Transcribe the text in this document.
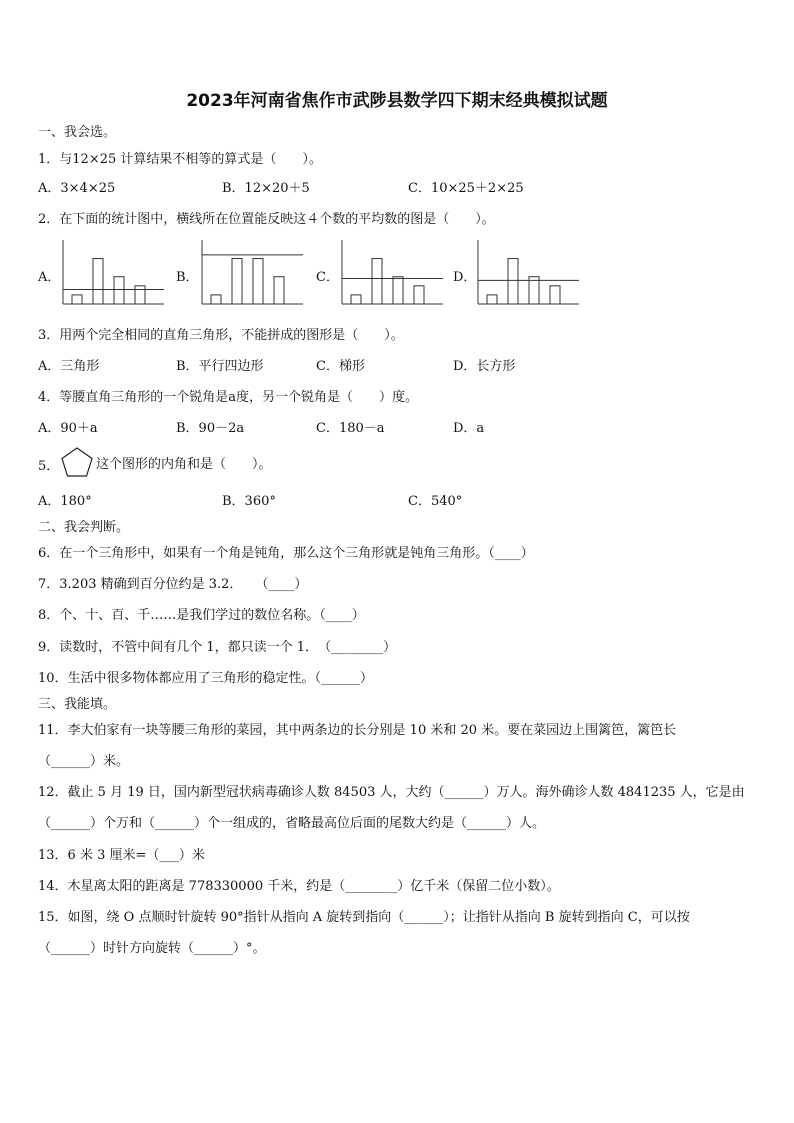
2023年河南省焦作市武陟县数学四下期末经典模拟试题
一、我会选。
1．与12×25 计算结果不相等的算式是（　　）。
A．3×4×25	B．12×20＋5	C．10×25＋2×25
2．在下面的统计图中，横线所在位置能反映这４个数的平均数的图是（　　）。
A．	B．	C．	D．
3．用两个完全相同的直角三角形，不能拼成的图形是（　　）。
A．三角形	B．平行四边形	C．梯形	D．长方形
4．等腰直角三角形的一个锐角是a度，另一个锐角是（　　）度。
A．90＋a	B．90－2a	C．180－a	D．a
5．	这个图形的内角和是（　　）。
A．180°	B．360°	C．540°
二、我会判断。
6．在一个三角形中，如果有一个角是钝角，那么这个三角形就是钝角三角形。（____）
7．3.203 精确到百分位约是 3.2．　　（____）
8．个、十、百、千……是我们学过的数位名称。（____）
9．读数时，不管中间有几个 1，都只读一个 1．　（________）
10．生活中很多物体都应用了三角形的稳定性。（______）
三、我能填。
11．李大伯家有一块等腰三角形的菜园，其中两条边的长分别是 10 米和 20 米。要在菜园边上围篱笆，篱笆长
（______）米。
12．截止 5 月 19 日，国内新型冠状病毒确诊人数 84503 人，大约（______）万人。海外确诊人数 4841235 人，它是由
（______）个万和（______）个一组成的，省略最高位后面的尾数大约是（______）人。
13．6 米 3 厘米=（___）米
14．木星离太阳的距离是 778330000 千米，约是（________）亿千米（保留二位小数）。
15．如图，绕 O 点顺时针旋转 90°指针从指向 A 旋转到指向（______）；让指针从指向 B 旋转到指向 C，可以按
（______）时针方向旋转（______）°。
